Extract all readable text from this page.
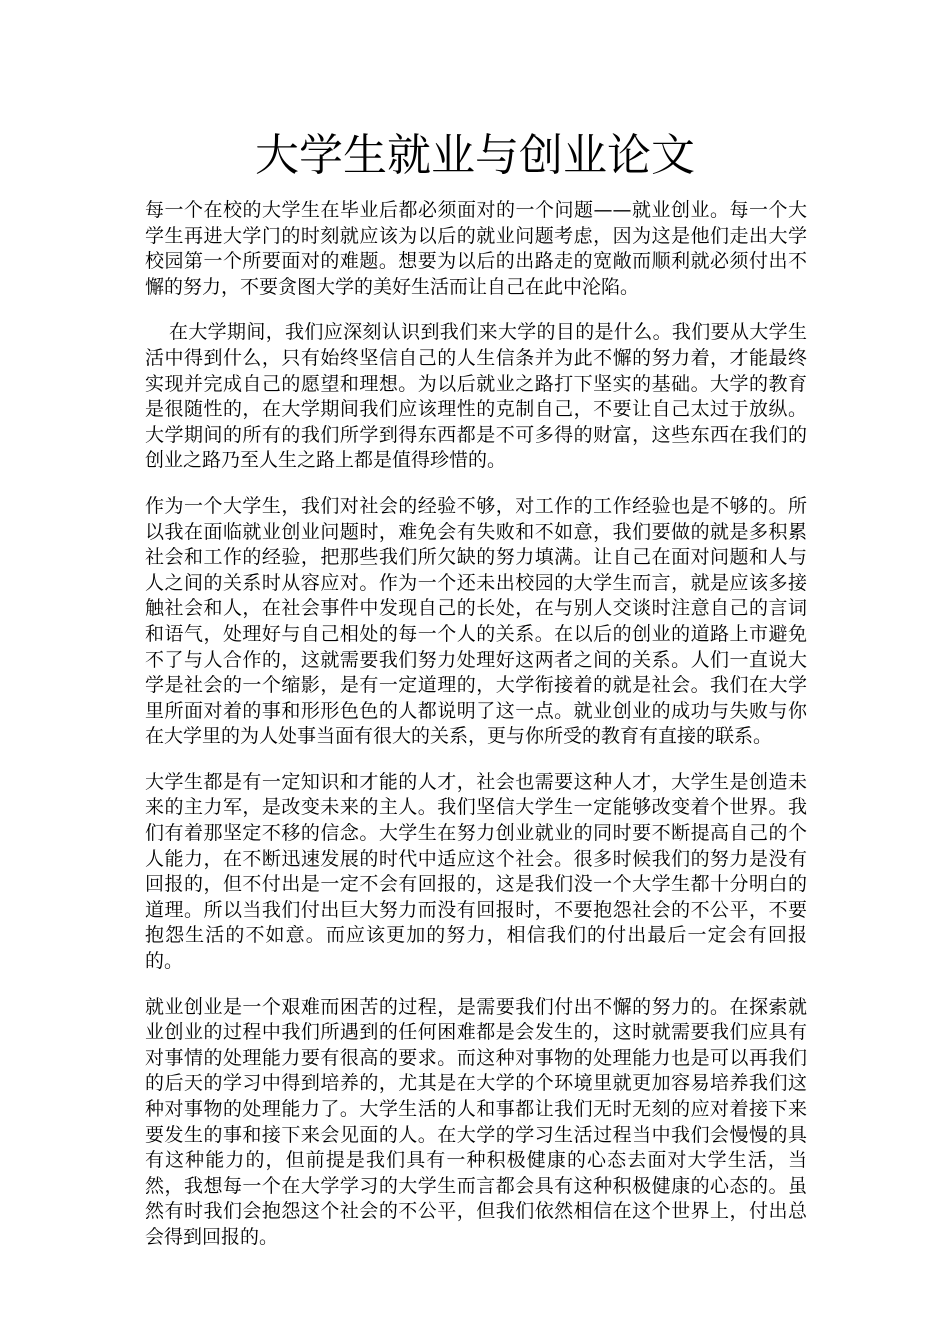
大学生就业与创业论文

每一个在校的大学生在毕业后都必须面对的一个问题——就业创业。每一个大学生再进大学门的时刻就应该为以后的就业问题考虑，因为这是他们走出大学校园第一个所要面对的难题。想要为以后的出路走的宽敞而顺利就必须付出不懈的努力，不要贪图大学的美好生活而让自己在此中沦陷。

在大学期间，我们应深刻认识到我们来大学的目的是什么。我们要从大学生活中得到什么，只有始终坚信自己的人生信条并为此不懈的努力着，才能最终实现并完成自己的愿望和理想。为以后就业之路打下坚实的基础。大学的教育是很随性的，在大学期间我们应该理性的克制自己，不要让自己太过于放纵。大学期间的所有的我们所学到得东西都是不可多得的财富，这些东西在我们的创业之路乃至人生之路上都是值得珍惜的。

作为一个大学生，我们对社会的经验不够，对工作的工作经验也是不够的。所以我在面临就业创业问题时，难免会有失败和不如意，我们要做的就是多积累社会和工作的经验，把那些我们所欠缺的努力填满。让自己在面对问题和人与人之间的关系时从容应对。作为一个还未出校园的大学生而言，就是应该多接触社会和人，在社会事件中发现自己的长处，在与别人交谈时注意自己的言词和语气，处理好与自己相处的每一个人的关系。在以后的创业的道路上市避免不了与人合作的，这就需要我们努力处理好这两者之间的关系。人们一直说大学是社会的一个缩影，是有一定道理的，大学衔接着的就是社会。我们在大学里所面对着的事和形形色色的人都说明了这一点。就业创业的成功与失败与你在大学里的为人处事当面有很大的关系，更与你所受的教育有直接的联系。

大学生都是有一定知识和才能的人才，社会也需要这种人才，大学生是创造未来的主力军，是改变未来的主人。我们坚信大学生一定能够改变着个世界。我们有着那坚定不移的信念。大学生在努力创业就业的同时要不断提高自己的个人能力，在不断迅速发展的时代中适应这个社会。很多时候我们的努力是没有回报的，但不付出是一定不会有回报的，这是我们没一个大学生都十分明白的道理。所以当我们付出巨大努力而没有回报时，不要抱怨社会的不公平，不要抱怨生活的不如意。而应该更加的努力，相信我们的付出最后一定会有回报的。

就业创业是一个艰难而困苦的过程，是需要我们付出不懈的努力的。在探索就业创业的过程中我们所遇到的任何困难都是会发生的，这时就需要我们应具有对事情的处理能力要有很高的要求。而这种对事物的处理能力也是可以再我们的后天的学习中得到培养的，尤其是在大学的个环境里就更加容易培养我们这种对事物的处理能力了。大学生活的人和事都让我们无时无刻的应对着接下来要发生的事和接下来会见面的人。在大学的学习生活过程当中我们会慢慢的具有这种能力的，但前提是我们具有一种积极健康的心态去面对大学生活，当然，我想每一个在大学学习的大学生而言都会具有这种积极健康的心态的。虽然有时我们会抱怨这个社会的不公平，但我们依然相信在这个世界上，付出总会得到回报的。
